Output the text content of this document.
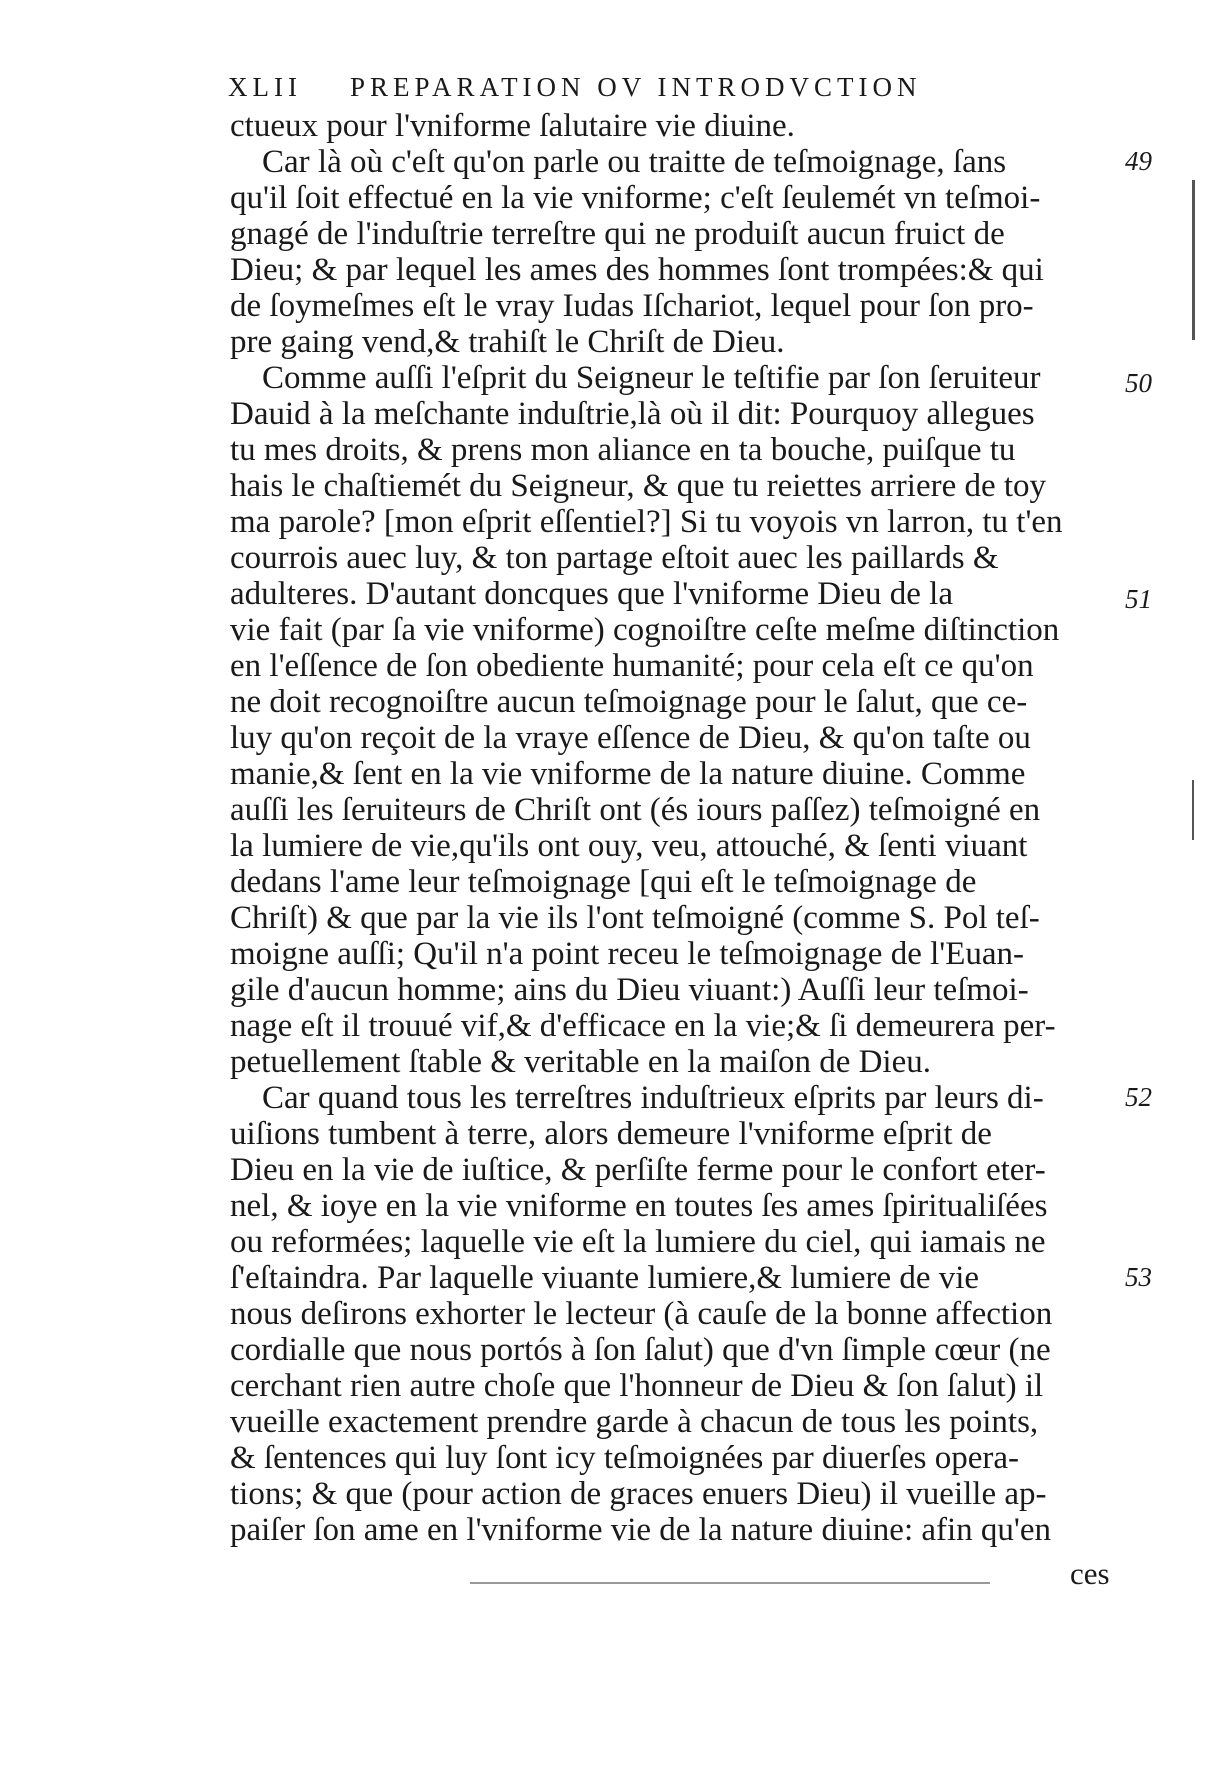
XLII PREPARATION OV INTRODVCTION
ctueux pour l'vniforme ſalutaire vie diuine.
Car là où c'eſt qu'on parle ou traitte de teſmoignage, ſans
qu'il ſoit effectué en la vie vniforme; c'eſt ſeulemét vn teſmoi-
gnagé de l'induſtrie terreſtre qui ne produiſt aucun fruict de
Dieu; & par lequel les ames des hommes ſont trompées:& qui
de ſoymeſmes eſt le vray Iudas Iſchariot, lequel pour ſon pro-
pre gaing vend,& trahiſt le Chriſt de Dieu.
Comme auſſi l'eſprit du Seigneur le teſtifie par ſon ſeruiteur
Dauid à la meſchante induſtrie,là où il dit: Pourquoy allegues
tu mes droits, & prens mon aliance en ta bouche, puiſque tu
hais le chaſtiemét du Seigneur, & que tu reiettes arriere de toy
ma parole? [mon eſprit eſſentiel?] Si tu voyois vn larron, tu t'en
courrois auec luy, & ton partage eſtoit auec les paillards &
adulteres. D'autant doncques que l'vniforme Dieu de la
vie fait (par ſa vie vniforme) cognoiſtre ceſte meſme diſtinction
en l'eſſence de ſon obediente humanité; pour cela eſt ce qu'on
ne doit recognoiſtre aucun teſmoignage pour le ſalut, que ce-
luy qu'on reçoit de la vraye eſſence de Dieu, & qu'on taſte ou
manie,& ſent en la vie vniforme de la nature diuine. Comme
auſſi les ſeruiteurs de Chriſt ont (és iours paſſez) teſmoigné en
la lumiere de vie,qu'ils ont ouy, veu, attouché, & ſenti viuant
dedans l'ame leur teſmoignage [qui eſt le teſmoignage de
Chriſt) & que par la vie ils l'ont teſmoigné (comme S. Pol teſ-
moigne auſſi; Qu'il n'a point receu le teſmoignage de l'Euan-
gile d'aucun homme; ains du Dieu viuant:) Auſſi leur teſmoi-
nage eſt il trouué vif,& d'efficace en la vie;& ſi demeurera per-
petuellement ſtable & veritable en la maiſon de Dieu.
Car quand tous les terreſtres induſtrieux eſprits par leurs di-
uiſions tumbent à terre, alors demeure l'vniforme eſprit de
Dieu en la vie de iuſtice, & perſiſte ferme pour le confort eter-
nel, & ioye en la vie vniforme en toutes ſes ames ſpiritualiſées
ou reformées; laquelle vie eſt la lumiere du ciel, qui iamais ne
ſ'eſtaindra. Par laquelle viuante lumiere,& lumiere de vie
nous deſirons exhorter le lecteur (à cauſe de la bonne affection
cordialle que nous portós à ſon ſalut) que d'vn ſimple cœur (ne
cerchant rien autre choſe que l'honneur de Dieu & ſon ſalut) il
vueille exactement prendre garde à chacun de tous les points,
& ſentences qui luy ſont icy teſmoignées par diuerſes opera-
tions; & que (pour action de graces enuers Dieu) il vueille ap-
paiſer ſon ame en l'vniforme vie de la nature diuine: afin qu'en
49
50
51
52
53
ces
